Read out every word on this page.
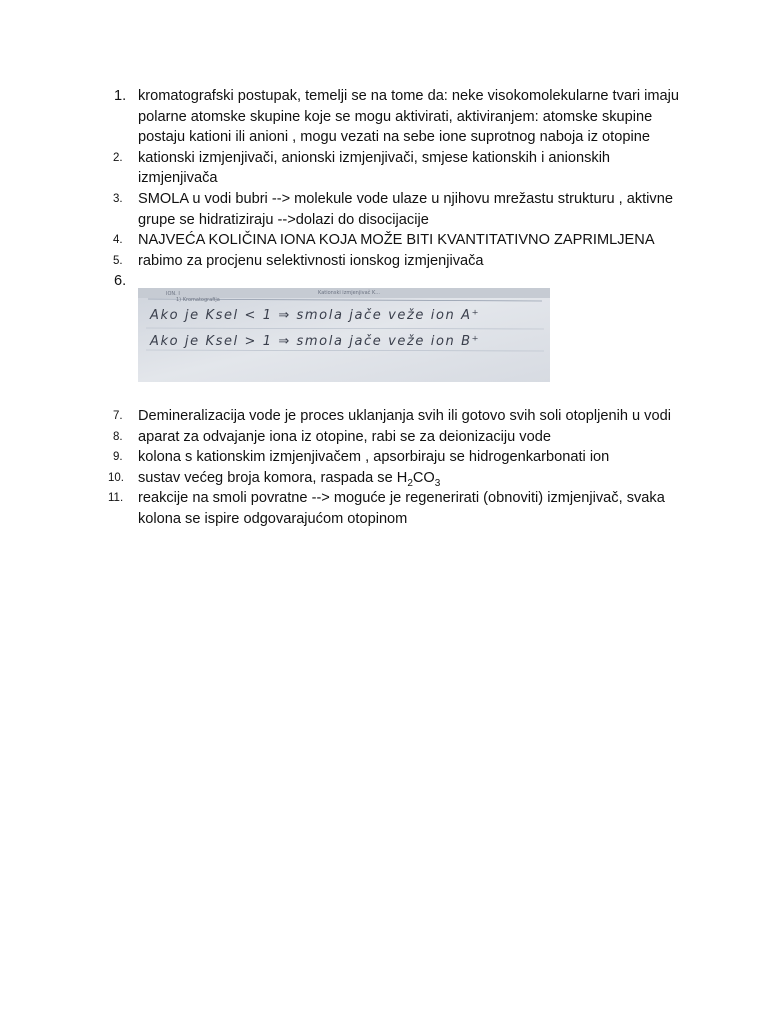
1. kromatografski postupak, temelji se na tome da: neke visokomolekularne tvari imaju polarne atomske skupine koje se mogu aktivirati, aktiviranjem: atomske skupine postaju kationi ili anioni , mogu vezati na sebe ione suprotnog naboja iz otopine
2.	kationski izmjenjivači, anionski izmjenjivači, smjese kationskih i anionskih izmjenjivača
3.	SMOLA u vodi bubri --> molekule vode ulaze u njihovu mrežastu strukturu , aktivne grupe se hidratiziraju -->dolazi do disocijacije
4.	NAJVEĆA KOLIČINA IONA KOJA MOŽE BITI KVANTITATIVNO ZAPRIMLJENA
5.	rabimo za procjenu selektivnosti ionskog izmjenjivača
6.
ΙΟΝ. Ι
1) Kromatografija
Kationski izmjenjivač K...
Ako je Ksel < 1 ⇒ smola jače veže ion A⁺
Ako je Ksel > 1 ⇒ smola jače veže ion B⁺
7.	Demineralizacija vode je proces uklanjanja svih ili gotovo svih soli otopljenih u vodi
8.	aparat za odvajanje iona iz otopine, rabi se za deionizaciju vode
9.	kolona s kationskim izmjenjivačem , apsorbiraju se hidrogenkarbonati ion
10. sustav većeg broja komora, raspada se $H_2CO_3$
11.	reakcije na smoli povratne --> moguće je regenerirati (obnoviti) izmjenjivač, svaka kolona se ispire odgovarajućom otopinom
